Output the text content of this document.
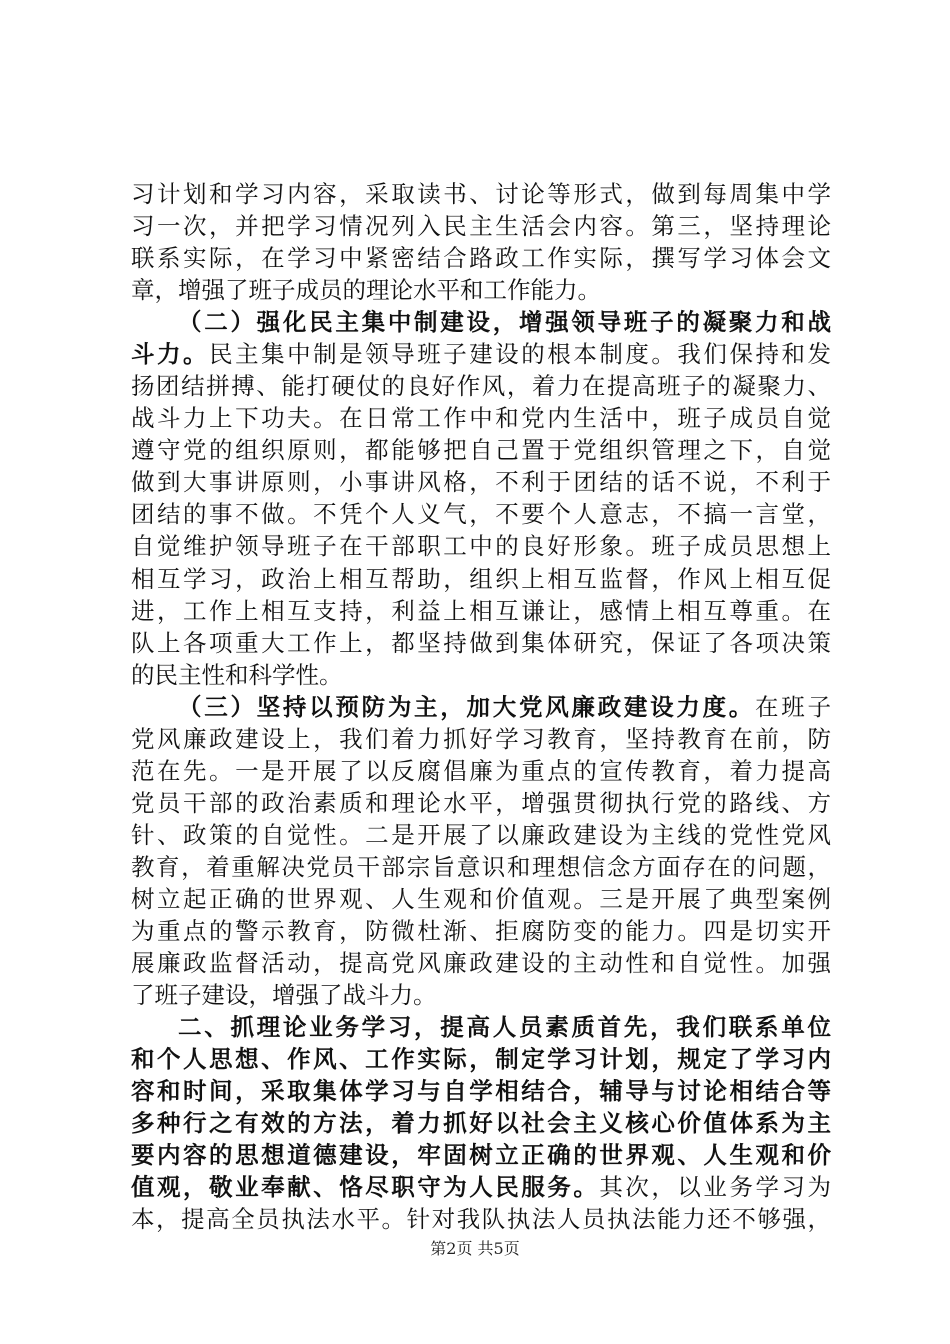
习计划和学习内容，采取读书、讨论等形式，做到每周集中学
习一次，并把学习情况列入民主生活会内容。第三，坚持理论
联系实际，在学习中紧密结合路政工作实际，撰写学习体会文
章，增强了班子成员的理论水平和工作能力。
（二）强化民主集中制建设，增强领导班子的凝聚力和战
斗力。民主集中制是领导班子建设的根本制度。我们保持和发
扬团结拼搏、能打硬仗的良好作风，着力在提高班子的凝聚力、
战斗力上下功夫。在日常工作中和党内生活中，班子成员自觉
遵守党的组织原则，都能够把自己置于党组织管理之下，自觉
做到大事讲原则，小事讲风格，不利于团结的话不说，不利于
团结的事不做。不凭个人义气，不要个人意志，不搞一言堂，
自觉维护领导班子在干部职工中的良好形象。班子成员思想上
相互学习，政治上相互帮助，组织上相互监督，作风上相互促
进，工作上相互支持，利益上相互谦让，感情上相互尊重。在
队上各项重大工作上，都坚持做到集体研究，保证了各项决策
的民主性和科学性。
（三）坚持以预防为主，加大党风廉政建设力度。在班子
党风廉政建设上，我们着力抓好学习教育，坚持教育在前，防
范在先。一是开展了以反腐倡廉为重点的宣传教育，着力提高
党员干部的政治素质和理论水平，增强贯彻执行党的路线、方
针、政策的自觉性。二是开展了以廉政建设为主线的党性党风
教育，着重解决党员干部宗旨意识和理想信念方面存在的问题，
树立起正确的世界观、人生观和价值观。三是开展了典型案例
为重点的警示教育，防微杜渐、拒腐防变的能力。四是切实开
展廉政监督活动，提高党风廉政建设的主动性和自觉性。加强
了班子建设，增强了战斗力。
二、抓理论业务学习，提高人员素质首先，我们联系单位
和个人思想、作风、工作实际，制定学习计划，规定了学习内
容和时间，采取集体学习与自学相结合，辅导与讨论相结合等
多种行之有效的方法，着力抓好以社会主义核心价值体系为主
要内容的思想道德建设，牢固树立正确的世界观、人生观和价
值观，敬业奉献、恪尽职守为人民服务。其次，以业务学习为
本，提高全员执法水平。针对我队执法人员执法能力还不够强，
第2页 共5页
